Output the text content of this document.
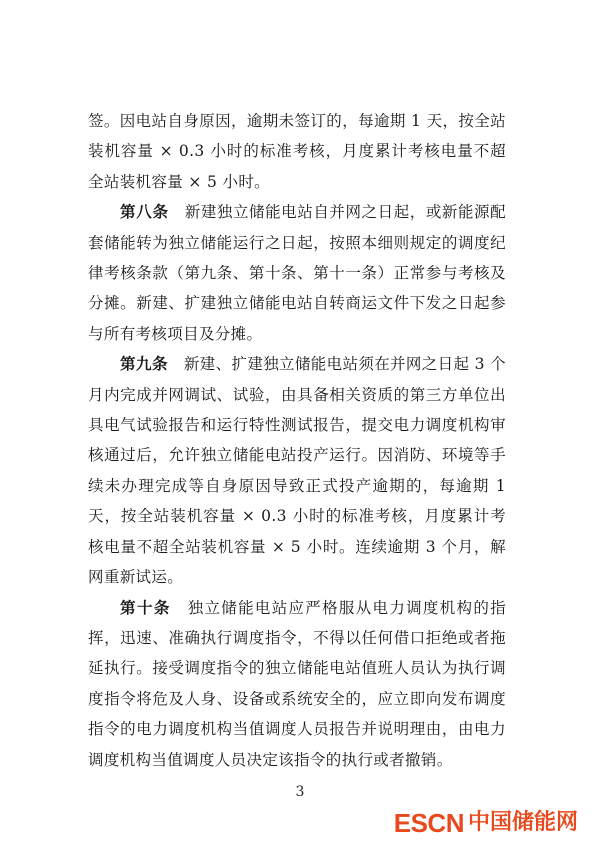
签。因电站自身原因，逾期未签订的，每逾期 1 天，按全站装机容量 × 0.3 小时的标准考核，月度累计考核电量不超全站装机容量 × 5 小时。

第八条  新建独立储能电站自并网之日起，或新能源配套储能转为独立储能运行之日起，按照本细则规定的调度纪律考核条款（第九条、第十条、第十一条）正常参与考核及分摊。新建、扩建独立储能电站自转商运文件下发之日起参与所有考核项目及分摊。

第九条  新建、扩建独立储能电站须在并网之日起 3 个月内完成并网调试、试验，由具备相关资质的第三方单位出具电气试验报告和运行特性测试报告，提交电力调度机构审核通过后，允许独立储能电站投产运行。因消防、环境等手续未办理完成等自身原因导致正式投产逾期的，每逾期 1 天，按全站装机容量 × 0.3 小时的标准考核，月度累计考核电量不超全站装机容量 × 5 小时。连续逾期 3 个月，解网重新试运。

第十条  独立储能电站应严格服从电力调度机构的指挥，迅速、准确执行调度指令，不得以任何借口拒绝或者拖延执行。接受调度指令的独立储能电站值班人员认为执行调度指令将危及人身、设备或系统安全的，应立即向发布调度指令的电力调度机构当值调度人员报告并说明理由，由电力调度机构当值调度人员决定该指令的执行或者撤销。

3
ESCN 中国储能网
